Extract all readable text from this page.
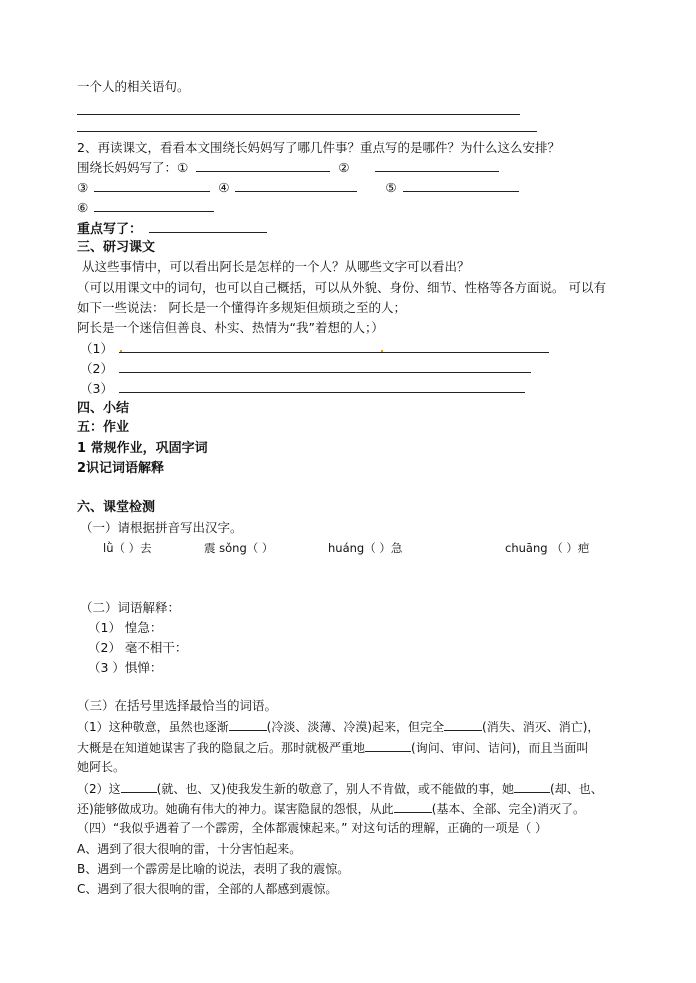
一个人的相关语句。
2、再读课文，看看本文围绕长妈妈写了哪几件事？重点写的是哪件？为什么这么安排？
围绕长妈妈写了：①	②
③	④	⑤
⑥
重点写了：
三、研习课文
从这些事情中，可以看出阿长是怎样的一个人？从哪些文字可以看出？
（可以用课文中的词句，也可以自己概括，可以从外貌、身份、细节、性格等各方面说。 可以有
如下一些说法： 阿长是一个懂得许多规矩但烦琐之至的人；
阿长是一个迷信但善良、朴实、热情为“我”着想的人；）
（1）
（2）
（3）
四、小结
五：作业
1 常规作业，巩固字词
2识记词语解释
六、课堂检测
（一）请根据拼音写出汉字。
lǜ（ ）去	震 sǒng（ ）	huáng（ ）急	chuāng （ ）疤
（二）词语解释：
（1） 惶急：
（2） 毫不相干：
（3 ）惧惮：
（三）在括号里选择最恰当的词语。
（1）这种敬意，虽然也逐渐	(冷淡、淡薄、冷漠)起来，但完全	(消失、消灭、消亡)，
大概是在知道她谋害了我的隐鼠之后。那时就极严重地	(询问、审问、诘问)，而且当面叫
她阿长。
（2）这	(就、也、又)使我发生新的敬意了，别人不肯做，或不能做的事，她	(却、也、
还)能够做成功。她确有伟大的神力。谋害隐鼠的怨恨，从此	(基本、全部、完全)消灭了。
（四）“我似乎遇着了一个霹雳，全体都震悚起来。” 对这句话的理解，正确的一项是（ ）
A、遇到了很大很响的雷，十分害怕起来。
B、遇到一个霹雳是比喻的说法，表明了我的震惊。
C、遇到了很大很响的雷，全部的人都感到震惊。
